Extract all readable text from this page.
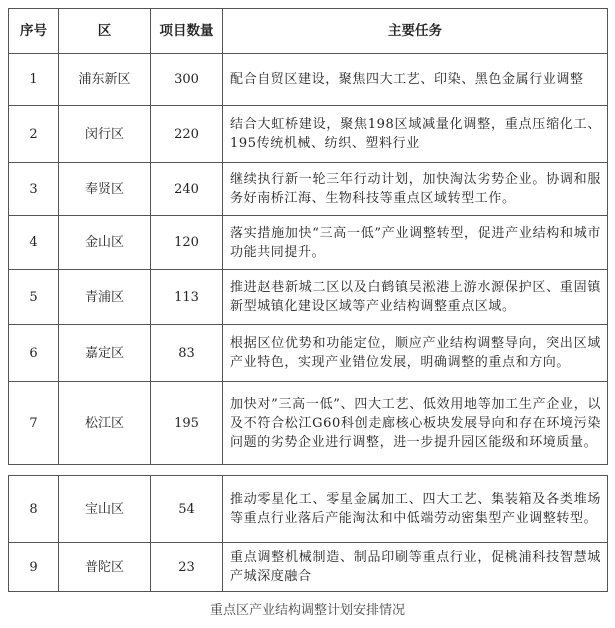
序号	区	项目数量	主要任务
1	浦东新区	300	配合自贸区建设，聚焦四大工艺、印染、黑色金属行业调整
2	闵行区	220	结合大虹桥建设，聚焦198区域减量化调整，重点压缩化工、195传统机械、纺织、塑料行业
3	奉贤区	240	继续执行新一轮三年行动计划，加快淘汰劣势企业。协调和服务好南桥江海、生物科技等重点区域转型工作。
4	金山区	120	落实措施加快“三高一低”产业调整转型，促进产业结构和城市功能共同提升。
5	青浦区	113	推进赵巷新城二区以及白鹤镇吴淞港上游水源保护区、重固镇新型城镇化建设区域等产业结构调整重点区域。
6	嘉定区	83	根据区位优势和功能定位，顺应产业结构调整导向，突出区域产业特色，实现产业错位发展，明确调整的重点和方向。
7	松江区	195	加快对”三高一低”、四大工艺、低效用地等加工生产企业，以及不符合松江G60科创走廊核心板块发展导向和存在环境污染问题的劣势企业进行调整，进一步提升园区能级和环境质量。

8	宝山区	54	推动零星化工、零星金属加工、四大工艺、集装箱及各类堆场等重点行业落后产能淘汰和中低端劳动密集型产业调整转型。
9	普陀区	23	重点调整机械制造、制品印刷等重点行业，促桃浦科技智慧城产城深度融合
重点区产业结构调整计划安排情况
